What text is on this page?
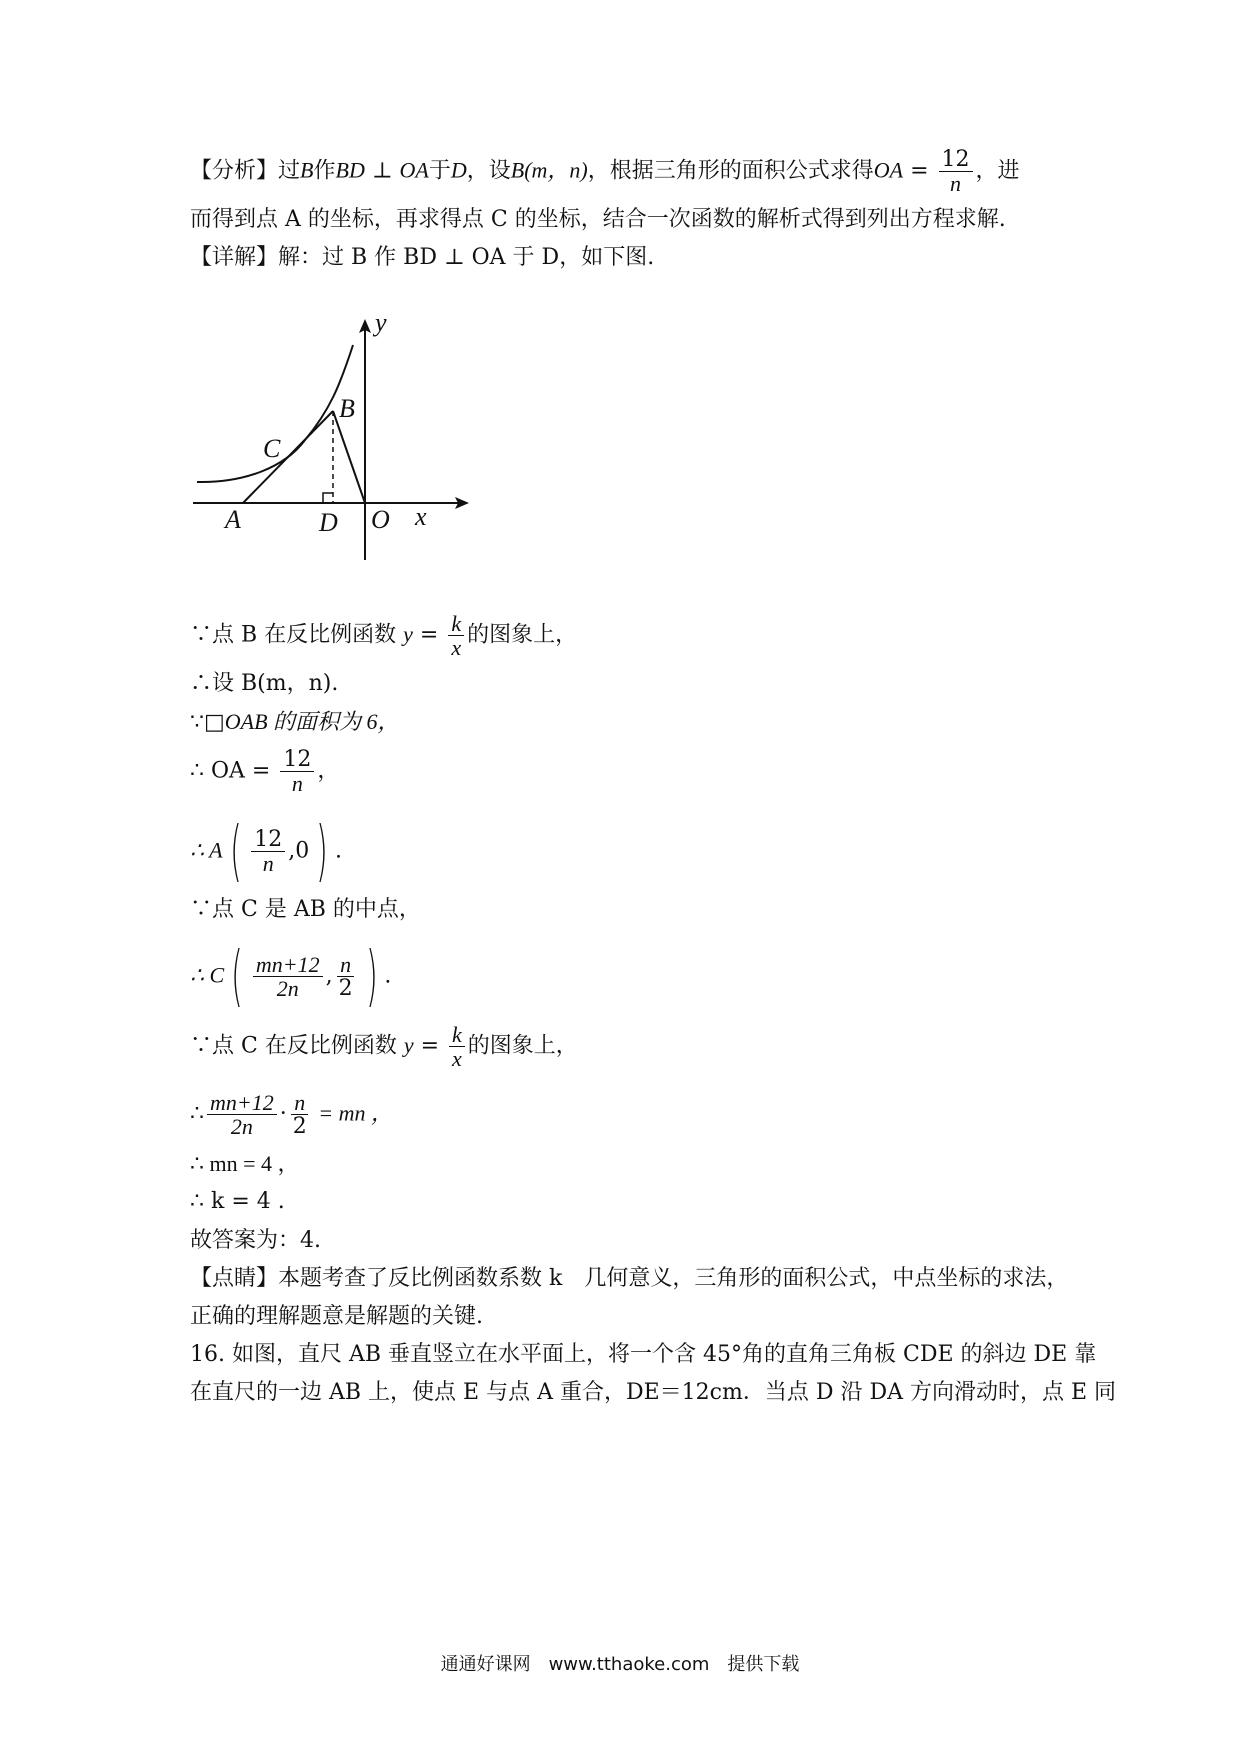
【分析】过B作BD ⊥ OA于D，设B(m，n)，根据三角形的面积公式求得OA = $\frac{12}{n}$ ，进
而得到点 A 的坐标，再求得点 C 的坐标，结合一次函数的解析式得到列出方程求解.
【详解】解：过 B 作 BD ⊥ OA 于 D，如下图.
y
x
B
C
A	D O
∵点 B 在反比例函数 $y = \frac{k}{x}$ 的图象上，
∴设 B(m，n).
∵□OAB 的面积为 6，
∴ OA = $\frac{12}{n}$ ，
∴ A ( $\frac{12}{n} ,0$ ) .
∵点 C 是 AB 的中点，
∴ C ( $\frac{mn+12}{2n}$ , $\frac{n}{2}$ ) .
∵点 C 在反比例函数 $y = \frac{k}{x}$ 的图象上，
∴ $\frac{mn+12}{2n} \cdot \frac{n}{2}$ = mn ，
∴ mn = 4 ，
∴ k = 4 .
故答案为：4.
【点睛】本题考查了反比例函数系数 k　几何意义，三角形的面积公式，中点坐标的求法，
正确的理解题意是解题的关键.
16. 如图，直尺 AB 垂直竖立在水平面上，将一个含 45°角的直角三角板 CDE 的斜边 DE 靠
在直尺的一边 AB 上，使点 E 与点 A 重合，DE＝12cm．当点 D 沿 DA 方向滑动时，点 E 同
通通好课网　www.tthaoke.com　提供下载
